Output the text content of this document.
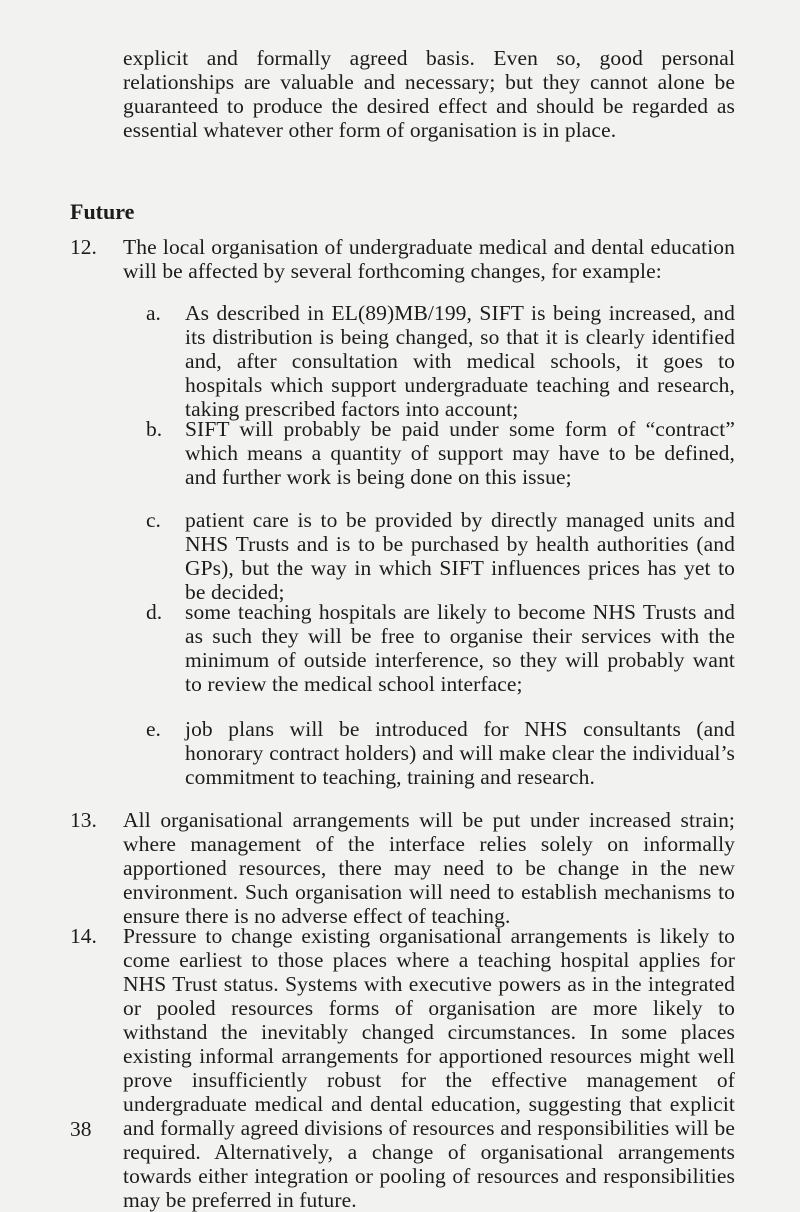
explicit and formally agreed basis. Even so, good personal relationships are valuable and necessary; but they cannot alone be guaranteed to produce the desired effect and should be regarded as essential whatever other form of organisation is in place.
Future
12. The local organisation of undergraduate medical and dental education will be affected by several forthcoming changes, for example:
a. As described in EL(89)MB/199, SIFT is being increased, and its distribution is being changed, so that it is clearly identified and, after consultation with medical schools, it goes to hospitals which support undergraduate teaching and research, taking prescribed factors into account;
b. SIFT will probably be paid under some form of “contract” which means a quantity of support may have to be defined, and further work is being done on this issue;
c. patient care is to be provided by directly managed units and NHS Trusts and is to be purchased by health authorities (and GPs), but the way in which SIFT influences prices has yet to be decided;
d. some teaching hospitals are likely to become NHS Trusts and as such they will be free to organise their services with the minimum of outside interference, so they will probably want to review the medical school interface;
e. job plans will be introduced for NHS consultants (and honorary contract holders) and will make clear the individual’s commitment to teaching, training and research.
13. All organisational arrangements will be put under increased strain; where management of the interface relies solely on informally apportioned resources, there may need to be change in the new environment. Such organisation will need to establish mechanisms to ensure there is no adverse effect of teaching.
14. Pressure to change existing organisational arrangements is likely to come earliest to those places where a teaching hospital applies for NHS Trust status. Systems with executive powers as in the integrated or pooled resources forms of organisation are more likely to withstand the inevitably changed circumstances. In some places existing informal arrangements for apportioned resources might well prove insufficiently robust for the effective management of undergraduate medical and dental education, suggesting that explicit and formally agreed divisions of resources and responsibilities will be required. Alternatively, a change of organisational arrangements towards either integration or pooling of resources and responsibilities may be preferred in future.
38
